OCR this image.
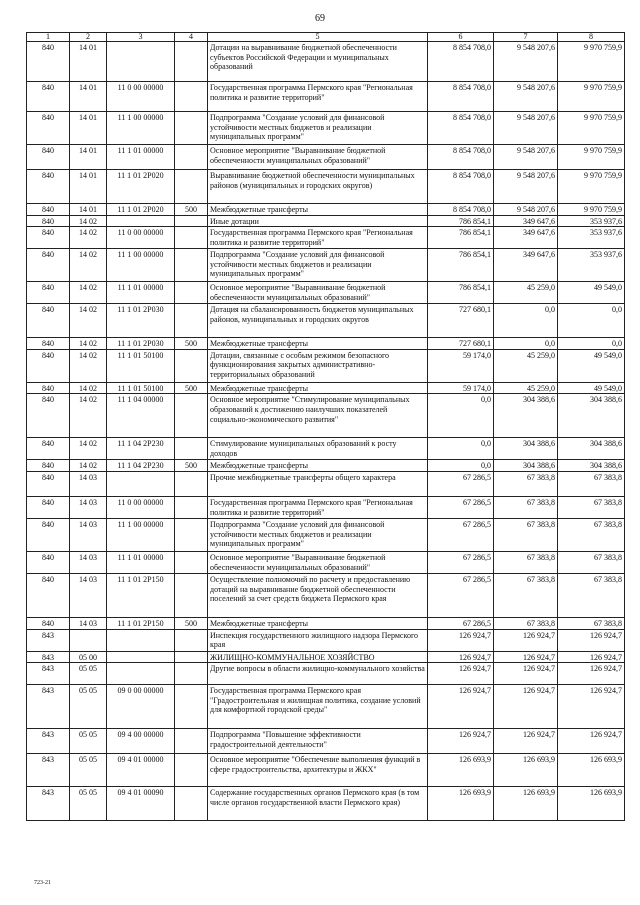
69
1	2	3	4	5	6	7	8
840	14 01			Дотации на выравнивание бюджетной обеспеченности субъектов Российской Федерации и муниципальных образований	8 854 708,0	9 548 207,6	9 970 759,9
840	14 01	11 0 00 00000		Государственная программа Пермского края "Региональная политика и развитие территорий"	8 854 708,0	9 548 207,6	9 970 759,9
840	14 01	11 1 00 00000		Подпрограмма "Создание условий для финансовой устойчивости местных бюджетов и реализации муниципальных программ"	8 854 708,0	9 548 207,6	9 970 759,9
840	14 01	11 1 01 00000		Основное мероприятие "Выравнивание бюджетной обеспеченности муниципальных образований"	8 854 708,0	9 548 207,6	9 970 759,9
840	14 01	11 1 01 2Р020		Выравнивание бюджетной обеспеченности муниципальных районов (муниципальных и городских округов)	8 854 708,0	9 548 207,6	9 970 759,9
840	14 01	11 1 01 2Р020	500	Межбюджетные трансферты	8 854 708,0	9 548 207,6	9 970 759,9
840	14 02			Иные дотации	786 854,1	349 647,6	353 937,6
840	14 02	11 0 00 00000		Государственная программа Пермского края "Региональная политика и развитие территорий"	786 854,1	349 647,6	353 937,6
840	14 02	11 1 00 00000		Подпрограмма "Создание условий для финансовой устойчивости местных бюджетов и реализации муниципальных программ"	786 854,1	349 647,6	353 937,6
840	14 02	11 1 01 00000		Основное мероприятие "Выравнивание бюджетной обеспеченности муниципальных образований"	786 854,1	45 259,0	49 549,0
840	14 02	11 1 01 2Р030		Дотация на сбалансированность бюджетов муниципальных районов, муниципальных и городских округов	727 680,1	0,0	0,0
840	14 02	11 1 01 2Р030	500	Межбюджетные трансферты	727 680,1	0,0	0,0
840	14 02	11 1 01 50100		Дотации, связанные с особым режимом безопасного функционирования закрытых административно-территориальных образований	59 174,0	45 259,0	49 549,0
840	14 02	11 1 01 50100	500	Межбюджетные трансферты	59 174,0	45 259,0	49 549,0
840	14 02	11 1 04 00000		Основное мероприятие "Стимулирование муниципальных образований к достижению наилучших показателей социально-экономического развития"	0,0	304 388,6	304 388,6
840	14 02	11 1 04 2Р230		Стимулирование муниципальных образований к росту доходов	0,0	304 388,6	304 388,6
840	14 02	11 1 04 2Р230	500	Межбюджетные трансферты	0,0	304 388,6	304 388,6
840	14 03			Прочие межбюджетные трансферты общего характера	67 286,5	67 383,8	67 383,8
840	14 03	11 0 00 00000		Государственная программа Пермского края "Региональная политика и развитие территорий"	67 286,5	67 383,8	67 383,8
840	14 03	11 1 00 00000		Подпрограмма "Создание условий для финансовой устойчивости местных бюджетов и реализации муниципальных программ"	67 286,5	67 383,8	67 383,8
840	14 03	11 1 01 00000		Основное мероприятие "Выравнивание бюджетной обеспеченности муниципальных образований"	67 286,5	67 383,8	67 383,8
840	14 03	11 1 01 2Р150		Осуществление полномочий по расчету и предоставлению дотаций на выравнивание бюджетной обеспеченности поселений за счет средств бюджета Пермского края	67 286,5	67 383,8	67 383,8
840	14 03	11 1 01 2Р150	500	Межбюджетные трансферты	67 286,5	67 383,8	67 383,8
843				Инспекция государственного жилищного надзора Пермского края	126 924,7	126 924,7	126 924,7
843	05 00			ЖИЛИЩНО-КОММУНАЛЬНОЕ ХОЗЯЙСТВО	126 924,7	126 924,7	126 924,7
843	05 05			Другие вопросы в области жилищно-коммунального хозяйства	126 924,7	126 924,7	126 924,7
843	05 05	09 0 00 00000		Государственная программа Пермского края "Градостроительная и жилищная политика, создание условий для комфортной городской среды"	126 924,7	126 924,7	126 924,7
843	05 05	09 4 00 00000		Подпрограмма "Повышение эффективности градостроительной деятельности"	126 924,7	126 924,7	126 924,7
843	05 05	09 4 01 00000		Основное мероприятие "Обеспечение выполнения функций в сфере градостроительства, архитектуры и ЖКХ"	126 693,9	126 693,9	126 693,9
843	05 05	09 4 01 00090		Содержание государственных органов Пермского края (в том числе органов государственной власти Пермского края)	126 693,9	126 693,9	126 693,9
723-21
